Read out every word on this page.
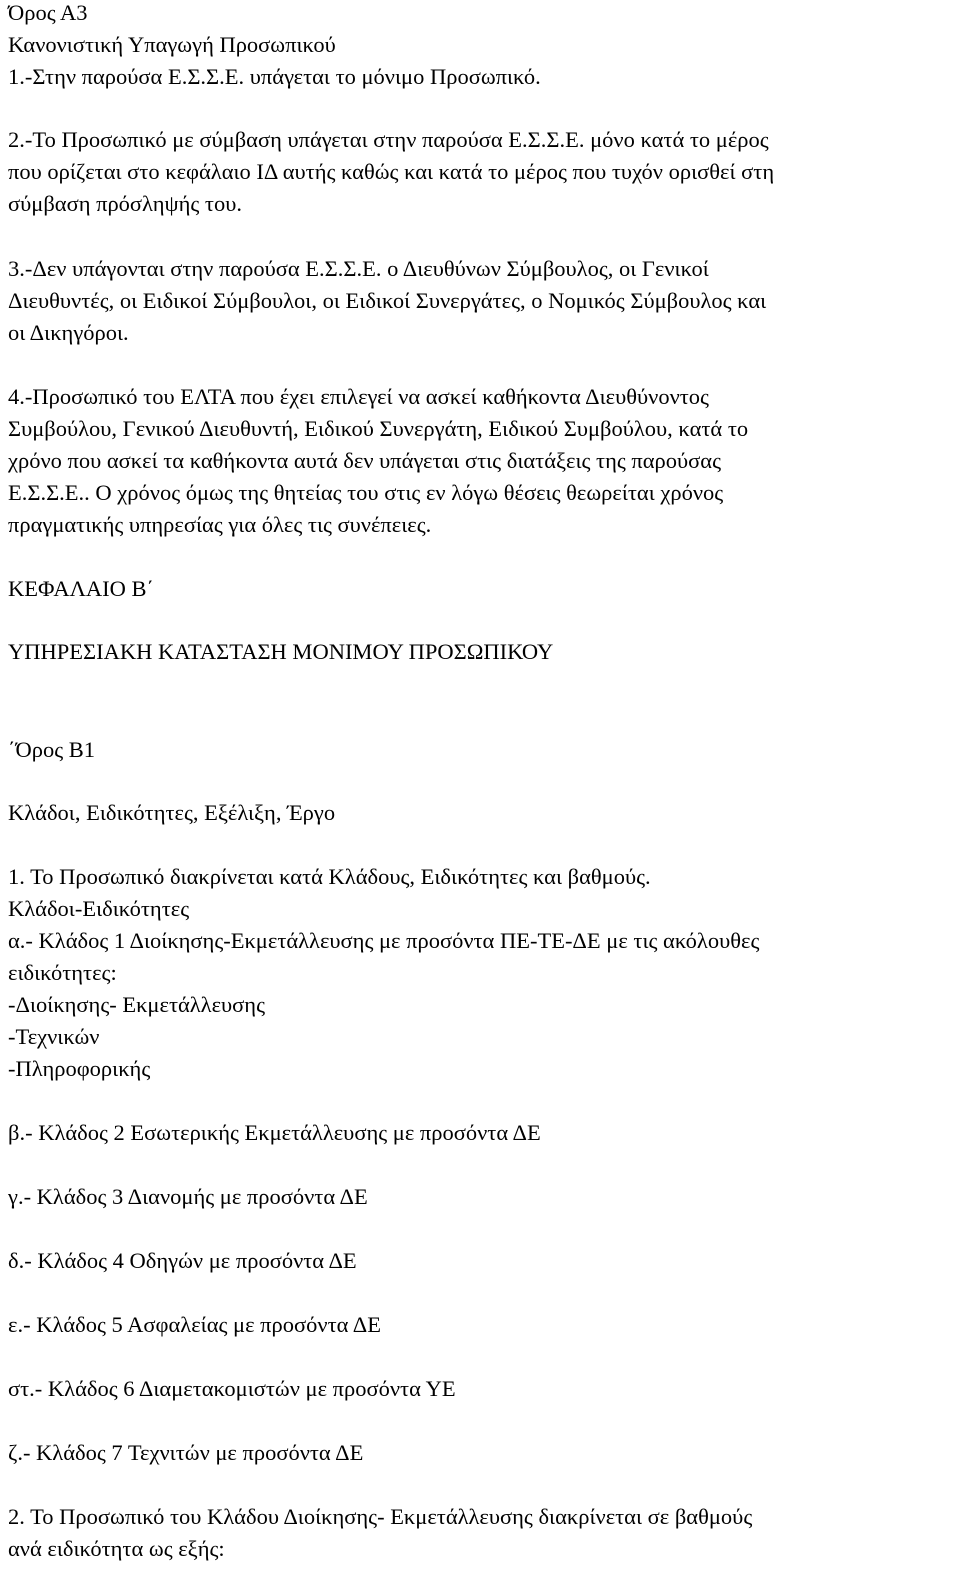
Όρος Α3
Κανονιστική Υπαγωγή Προσωπικού
1.-Στην παρούσα Ε.Σ.Σ.Ε. υπάγεται το μόνιμο Προσωπικό.
2.-Το Προσωπικό με σύμβαση υπάγεται στην παρούσα Ε.Σ.Σ.Ε. μόνο κατά το μέρος
που ορίζεται στο κεφάλαιο ΙΔ αυτής καθώς και κατά το μέρος που τυχόν ορισθεί στη
σύμβαση πρόσληψής του.
3.-Δεν υπάγονται στην παρούσα Ε.Σ.Σ.Ε. ο Διευθύνων Σύμβουλος, οι Γενικοί
Διευθυντές, οι Ειδικοί Σύμβουλοι, οι Ειδικοί Συνεργάτες, ο Νομικός Σύμβουλος και
οι Δικηγόροι.
4.-Προσωπικό του ΕΛΤΑ που έχει επιλεγεί να ασκεί καθήκοντα Διευθύνοντος
Συμβούλου, Γενικού Διευθυντή, Ειδικού Συνεργάτη, Ειδικού Συμβούλου, κατά το
χρόνο που ασκεί τα καθήκοντα αυτά δεν υπάγεται στις διατάξεις της παρούσας
Ε.Σ.Σ.Ε.. Ο χρόνος όμως της θητείας του στις εν λόγω θέσεις θεωρείται χρόνος
πραγματικής υπηρεσίας για όλες τις συνέπειες.
ΚΕΦΑΛΑΙΟ Β΄
ΥΠΗΡΕΣΙΑΚΗ ΚΑΤΑΣΤΑΣΗ ΜΟΝΙΜΟΥ ΠΡΟΣΩΠΙΚΟΥ
΄Όρος Β1
Κλάδοι, Ειδικότητες, Εξέλιξη, Έργο
1. Το Προσωπικό διακρίνεται κατά Κλάδους, Ειδικότητες και βαθμούς.
Κλάδοι-Ειδικότητες
α.- Κλάδος 1 Διοίκησης-Εκμετάλλευσης με προσόντα ΠΕ-ΤΕ-ΔΕ με τις ακόλουθες
ειδικότητες:
-Διοίκησης- Εκμετάλλευσης
-Τεχνικών
-Πληροφορικής
β.- Κλάδος 2 Εσωτερικής Εκμετάλλευσης με προσόντα ΔΕ
γ.- Κλάδος 3 Διανομής με προσόντα ΔΕ
δ.- Κλάδος 4 Οδηγών με προσόντα ΔΕ
ε.- Κλάδος 5 Ασφαλείας με προσόντα ΔΕ
στ.- Κλάδος 6 Διαμετακομιστών με προσόντα ΥΕ
ζ.- Κλάδος 7 Τεχνιτών με προσόντα ΔΕ
2. Το Προσωπικό του Κλάδου Διοίκησης- Εκμετάλλευσης διακρίνεται σε βαθμούς
ανά ειδικότητα ως εξής:
